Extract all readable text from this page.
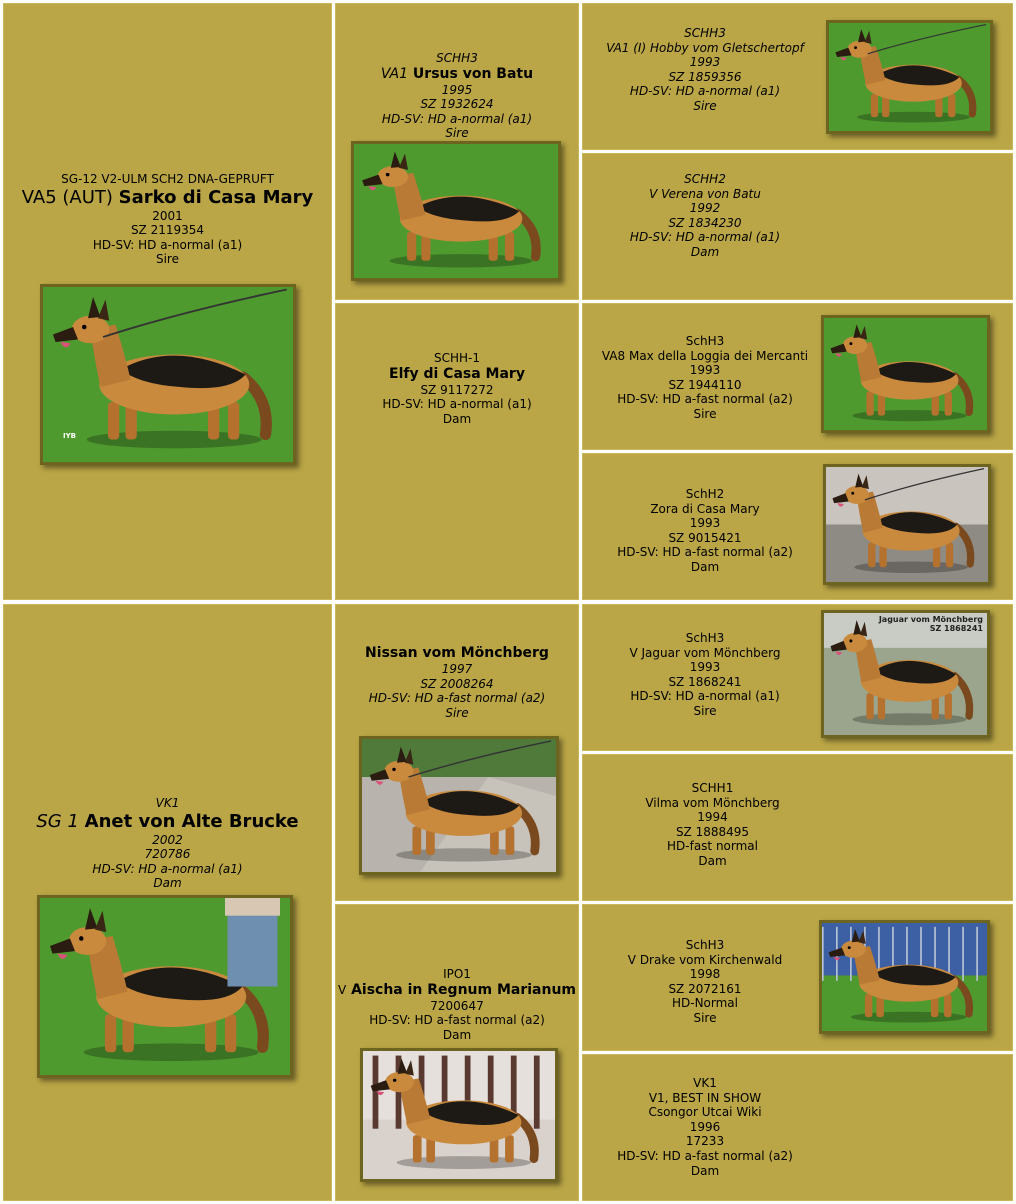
SG-12 V2-ULM SCH2 DNA-GEPRUFT
VA5 (AUT) Sarko di Casa Mary
2001
SZ 2119354
HD-SV: HD a-normal (a1)
Sire
IYB
SCHH3
VA1 Ursus von Batu
1995
SZ 1932624
HD-SV: HD a-normal (a1)
Sire
SCHH3
VA1 (I) Hobby vom Gletschertopf
1993
SZ 1859356
HD-SV: HD a-normal (a1)
Sire
SCHH2
V Verena von Batu
1992
SZ 1834230
HD-SV: HD a-normal (a1)
Dam
SCHH-1
Elfy di Casa Mary
SZ 9117272
HD-SV: HD a-normal (a1)
Dam
SchH3
VA8 Max della Loggia dei Mercanti
1993
SZ 1944110
HD-SV: HD a-fast normal (a2)
Sire
SchH2
Zora di Casa Mary
1993
SZ 9015421
HD-SV: HD a-fast normal (a2)
Dam
VK1
SG 1 Anet von Alte Brucke
2002
720786
HD-SV: HD a-normal (a1)
Dam
Nissan vom Mönchberg
1997
SZ 2008264
HD-SV: HD a-fast normal (a2)
Sire
SchH3
V Jaguar vom Mönchberg
1993
SZ 1868241
HD-SV: HD a-normal (a1)
Sire
Jaguar vom Mönchberg
SZ 1868241
SCHH1
Vilma vom Mönchberg
1994
SZ 1888495
HD-fast normal
Dam
IPO1
V Aischa in Regnum Marianum
7200647
HD-SV: HD a-fast normal (a2)
Dam
SchH3
V Drake vom Kirchenwald
1998
SZ 2072161
HD-Normal
Sire
VK1
V1, BEST IN SHOW
Csongor Utcai Wiki
1996
17233
HD-SV: HD a-fast normal (a2)
Dam
